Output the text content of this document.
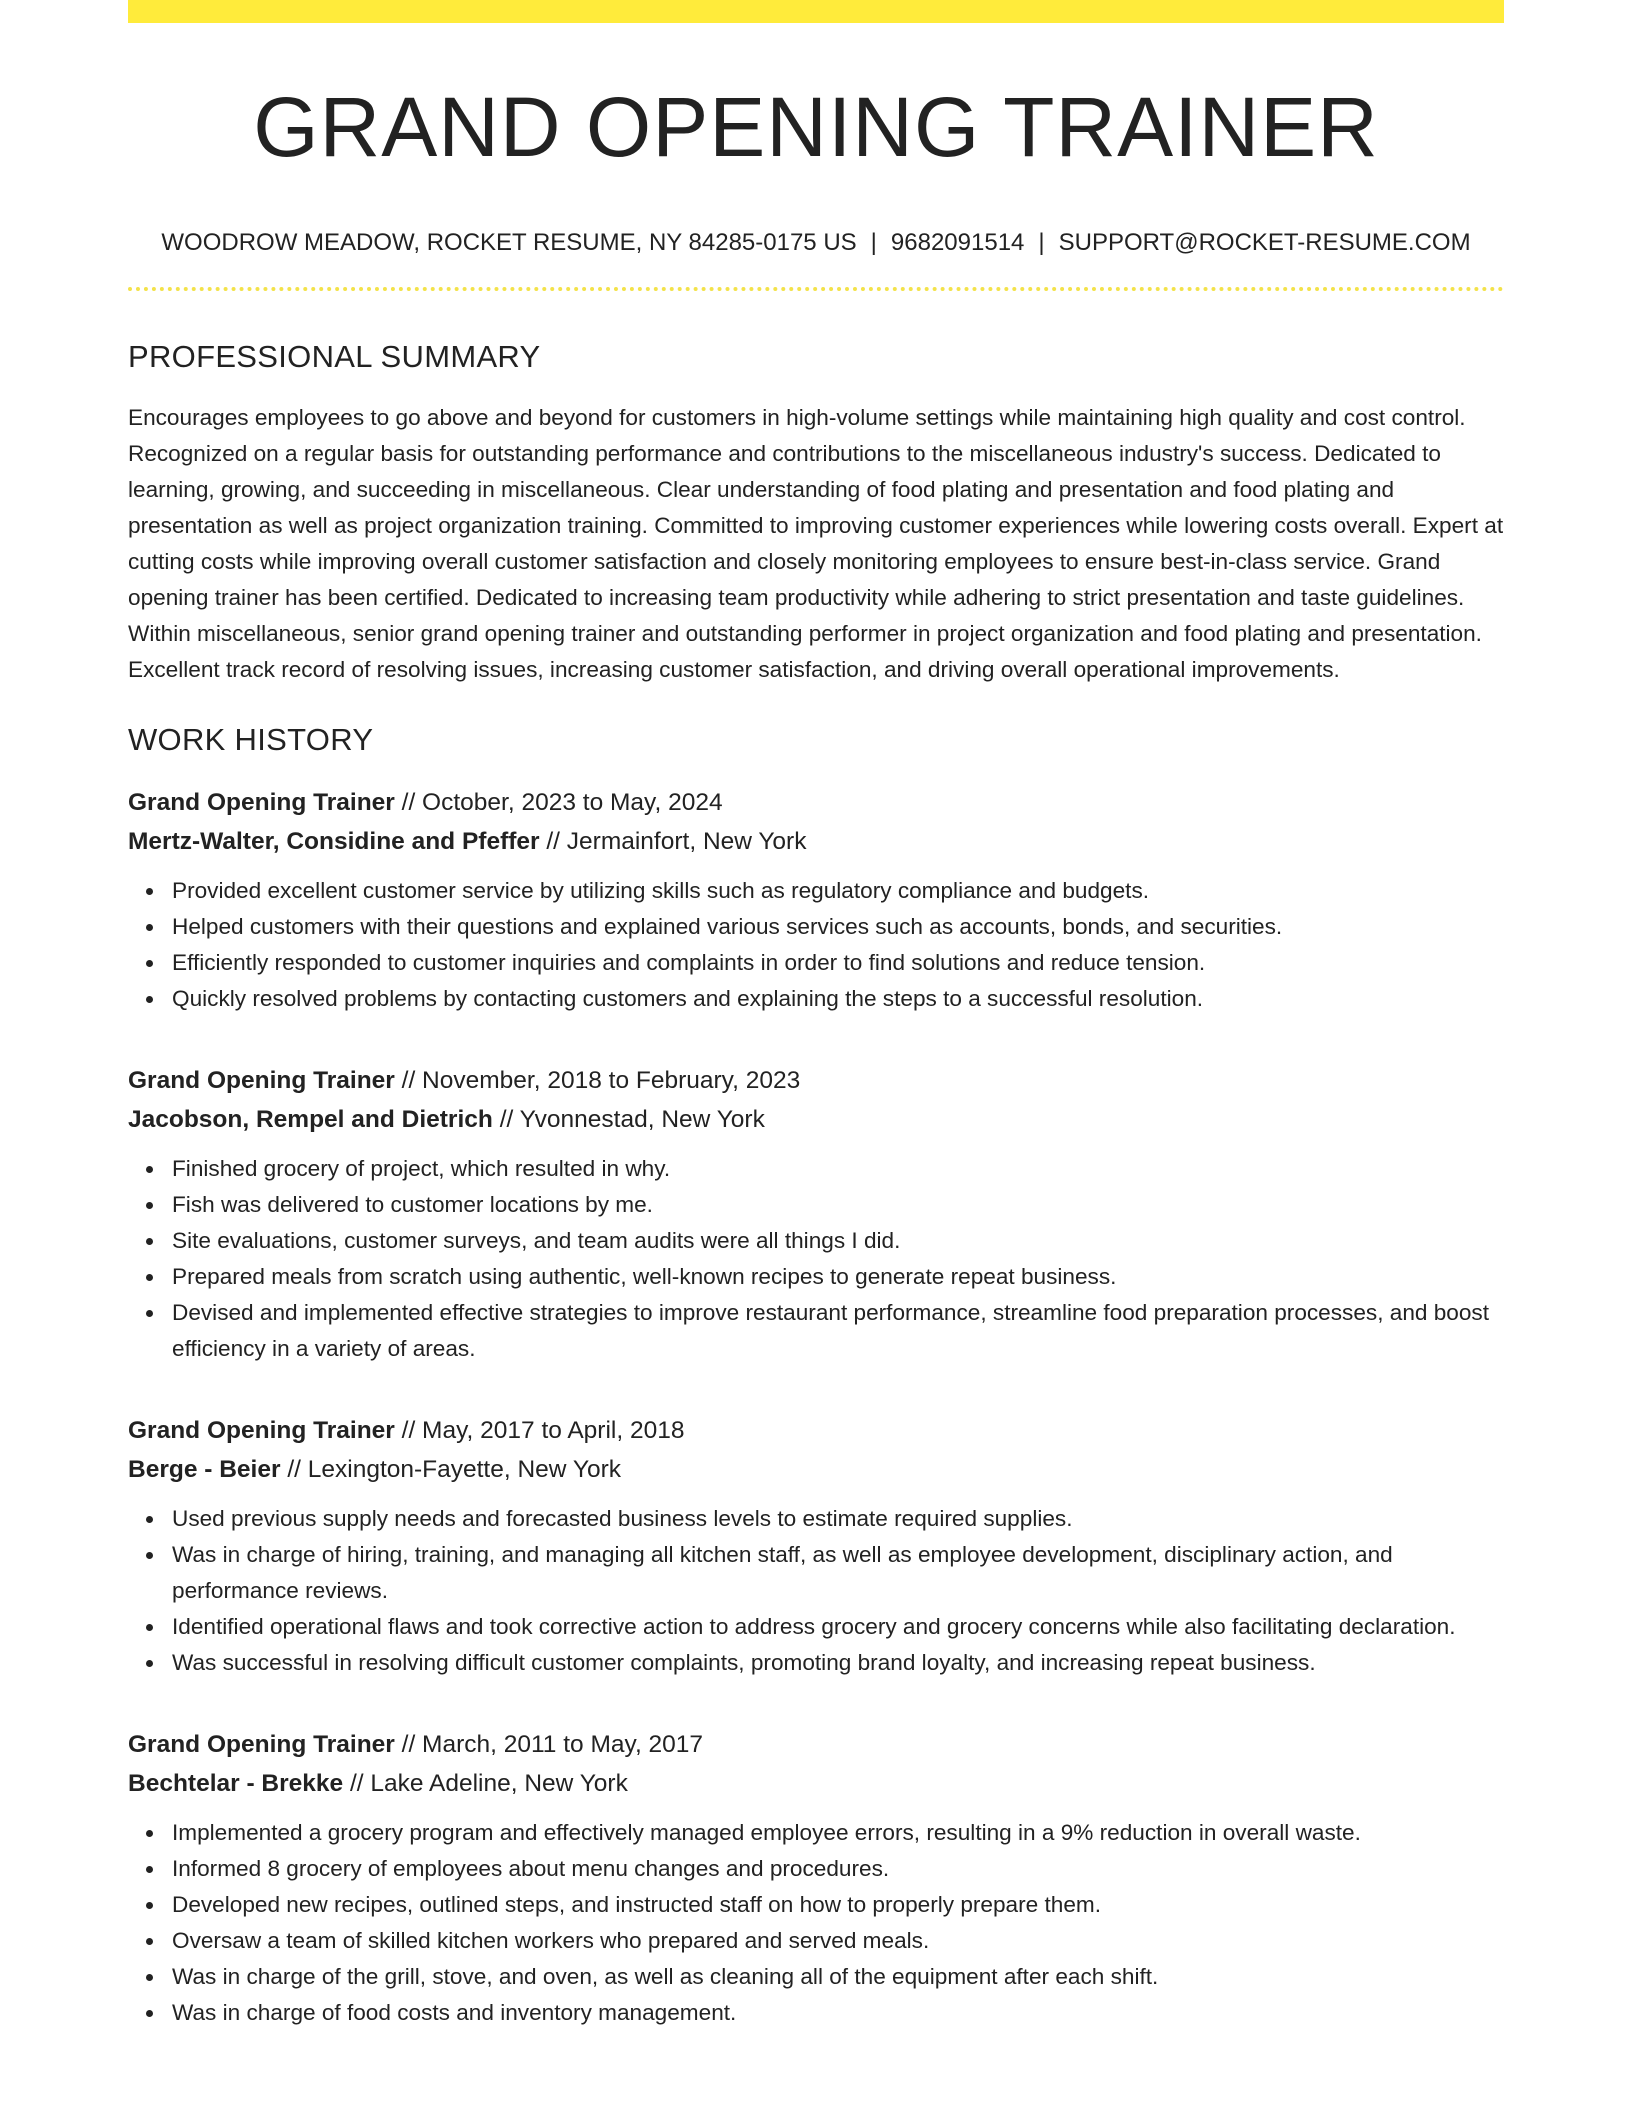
GRAND OPENING TRAINER
WOODROW MEADOW, ROCKET RESUME, NY 84285-0175 US | 9682091514 | SUPPORT@ROCKET-RESUME.COM
PROFESSIONAL SUMMARY

Encourages employees to go above and beyond for customers in high-volume settings while maintaining high quality and cost control. Recognized on a regular basis for outstanding performance and contributions to the miscellaneous industry's success. Dedicated to learning, growing, and succeeding in miscellaneous. Clear understanding of food plating and presentation and food plating and presentation as well as project organization training. Committed to improving customer experiences while lowering costs overall. Expert at cutting costs while improving overall customer satisfaction and closely monitoring employees to ensure best-in-class service. Grand opening trainer has been certified. Dedicated to increasing team productivity while adhering to strict presentation and taste guidelines. Within miscellaneous, senior grand opening trainer and outstanding performer in project organization and food plating and presentation. Excellent track record of resolving issues, increasing customer satisfaction, and driving overall operational improvements.

WORK HISTORY
Grand Opening Trainer // October, 2023 to May, 2024
Mertz-Walter, Considine and Pfeffer // Jermainfort, New York
Provided excellent customer service by utilizing skills such as regulatory compliance and budgets.
Helped customers with their questions and explained various services such as accounts, bonds, and securities.
Efficiently responded to customer inquiries and complaints in order to find solutions and reduce tension.
Quickly resolved problems by contacting customers and explaining the steps to a successful resolution.
Grand Opening Trainer // November, 2018 to February, 2023
Jacobson, Rempel and Dietrich // Yvonnestad, New York
Finished grocery of project, which resulted in why.
Fish was delivered to customer locations by me.
Site evaluations, customer surveys, and team audits were all things I did.
Prepared meals from scratch using authentic, well-known recipes to generate repeat business.
Devised and implemented effective strategies to improve restaurant performance, streamline food preparation processes, and boost efficiency in a variety of areas.
Grand Opening Trainer // May, 2017 to April, 2018
Berge - Beier // Lexington-Fayette, New York
Used previous supply needs and forecasted business levels to estimate required supplies.
Was in charge of hiring, training, and managing all kitchen staff, as well as employee development, disciplinary action, and performance reviews.
Identified operational flaws and took corrective action to address grocery and grocery concerns while also facilitating declaration.
Was successful in resolving difficult customer complaints, promoting brand loyalty, and increasing repeat business.
Grand Opening Trainer // March, 2011 to May, 2017
Bechtelar - Brekke // Lake Adeline, New York
Implemented a grocery program and effectively managed employee errors, resulting in a 9% reduction in overall waste.
Informed 8 grocery of employees about menu changes and procedures.
Developed new recipes, outlined steps, and instructed staff on how to properly prepare them.
Oversaw a team of skilled kitchen workers who prepared and served meals.
Was in charge of the grill, stove, and oven, as well as cleaning all of the equipment after each shift.
Was in charge of food costs and inventory management.
